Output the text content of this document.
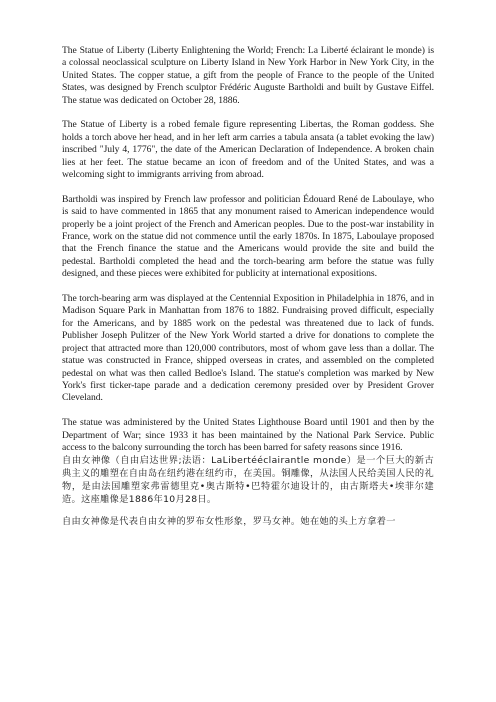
The Statue of Liberty (Liberty Enlightening the World; French: La Liberté éclairant le monde) is a colossal neoclassical sculpture on Liberty Island in New York Harbor in New York City, in the United States. The copper statue, a gift from the people of France to the people of the United States, was designed by French sculptor Frédéric Auguste Bartholdi and built by Gustave Eiffel. The statue was dedicated on October 28, 1886.

The Statue of Liberty is a robed female figure representing Libertas, the Roman goddess. She holds a torch above her head, and in her left arm carries a tabula ansata (a tablet evoking the law) inscribed "July 4, 1776", the date of the American Declaration of Independence. A broken chain lies at her feet. The statue became an icon of freedom and of the United States, and was a welcoming sight to immigrants arriving from abroad.

Bartholdi was inspired by French law professor and politician Édouard René de Laboulaye, who is said to have commented in 1865 that any monument raised to American independence would properly be a joint project of the French and American peoples. Due to the post-war instability in France, work on the statue did not commence until the early 1870s. In 1875, Laboulaye proposed that the French finance the statue and the Americans would provide the site and build the pedestal. Bartholdi completed the head and the torch-bearing arm before the statue was fully designed, and these pieces were exhibited for publicity at international expositions.

The torch-bearing arm was displayed at the Centennial Exposition in Philadelphia in 1876, and in Madison Square Park in Manhattan from 1876 to 1882. Fundraising proved difficult, especially for the Americans, and by 1885 work on the pedestal was threatened due to lack of funds. Publisher Joseph Pulitzer of the New York World started a drive for donations to complete the project that attracted more than 120,000 contributors, most of whom gave less than a dollar. The statue was constructed in France, shipped overseas in crates, and assembled on the completed pedestal on what was then called Bedloe's Island. The statue's completion was marked by New York's first ticker-tape parade and a dedication ceremony presided over by President Grover Cleveland.

The statue was administered by the United States Lighthouse Board until 1901 and then by the Department of War; since 1933 it has been maintained by the National Park Service. Public access to the balcony surrounding the torch has been barred for safety reasons since 1916.

自由女神像（自由启达世界;法语：LaLibertééclairantle monde）是一个巨大的新古典主义的雕塑在自由岛在纽约港在纽约市，在美国。铜雕像，从法国人民给美国人民的礼物，是由法国雕塑家弗雷德里克•奥古斯特•巴特霍尔迪设计的，由古斯塔夫•埃菲尔建造。这座雕像是1886年10月28日。

自由女神像是代表自由女神的罗布女性形象，罗马女神。她在她的头上方拿着一
